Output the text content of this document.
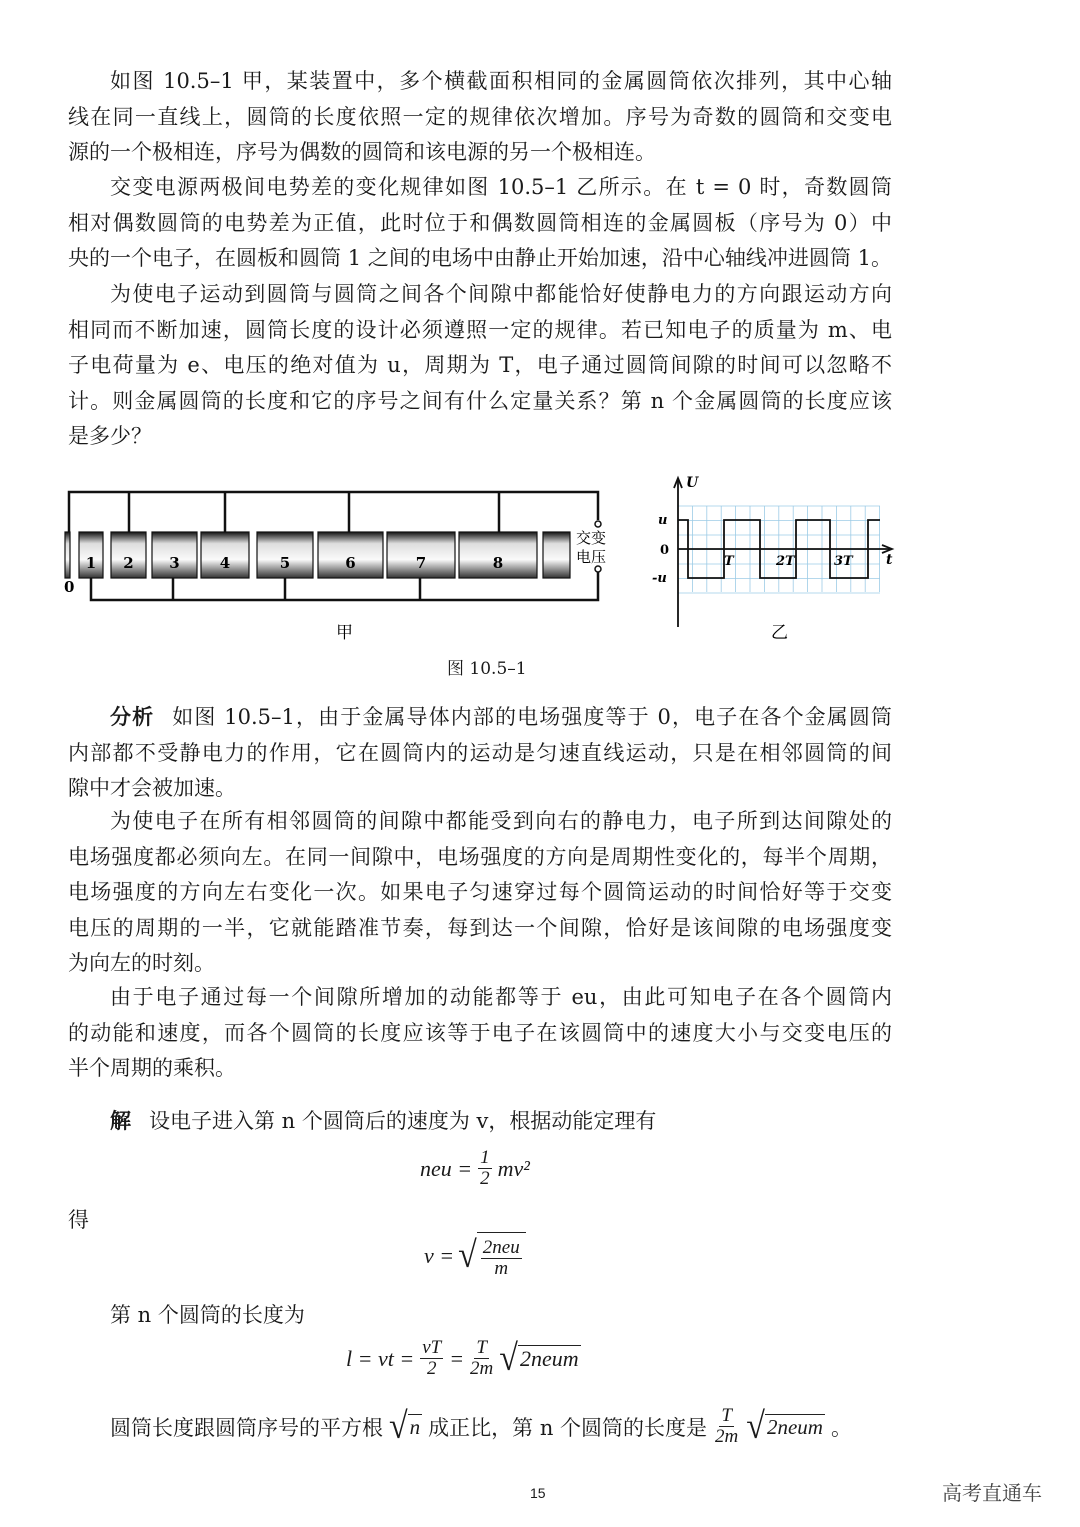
如图 10.5–1 甲，某装置中，多个横截面积相同的金属圆筒依次排列，其中心轴
线在同一直线上，圆筒的长度依照一定的规律依次增加。序号为奇数的圆筒和交变电
源的一个极相连，序号为偶数的圆筒和该电源的另一个极相连。
交变电源两极间电势差的变化规律如图 10.5–1 乙所示。在 t = 0 时，奇数圆筒
相对偶数圆筒的电势差为正值，此时位于和偶数圆筒相连的金属圆板（序号为 0）中
央的一个电子，在圆板和圆筒 1 之间的电场中由静止开始加速，沿中心轴线冲进圆筒 1。
为使电子运动到圆筒与圆筒之间各个间隙中都能恰好使静电力的方向跟运动方向
相同而不断加速，圆筒长度的设计必须遵照一定的规律。若已知电子的质量为 m、电
子电荷量为 e、电压的绝对值为 u，周期为 T，电子通过圆筒间隙的时间可以忽略不
计。则金属圆筒的长度和它的序号之间有什么定量关系？第 n 个金属圆筒的长度应该
是多少？
1 2 3	4	5	6	7	8
0
交变
电压
甲
U
t
u
0
-u
T	2T	3T
乙
图 10.5–1
分析 如图 10.5–1，由于金属导体内部的电场强度等于 0，电子在各个金属圆筒
内部都不受静电力的作用，它在圆筒内的运动是匀速直线运动，只是在相邻圆筒的间
隙中才会被加速。
为使电子在所有相邻圆筒的间隙中都能受到向右的静电力，电子所到达间隙处的
电场强度都必须向左。在同一间隙中，电场强度的方向是周期性变化的，每半个周期，
电场强度的方向左右变化一次。如果电子匀速穿过每个圆筒运动的时间恰好等于交变
电压的周期的一半，它就能踏准节奏，每到达一个间隙，恰好是该间隙的电场强度变
为向左的时刻。
由于电子通过每一个间隙所增加的动能都等于 eu，由此可知电子在各个圆筒内
的动能和速度，而各个圆筒的长度应该等于电子在该圆筒中的速度大小与交变电压的
半个周期的乘积。
解 设电子进入第 n 个圆筒后的速度为 v，根据动能定理有
neu = $\frac{1}{2} mv^2$
得
v = √ $\frac{\text{2neu}}{m}$
第 n 个圆筒的长度为
l = vt = $\frac{vT}{2} = \frac{T}{2m}$ √ 2neum
圆筒长度跟圆筒序号的平方根 √ n 成正比，第 n 个圆筒的长度是 $\frac{T}{2m}$ √ 2neum 。
15	高考直通车
